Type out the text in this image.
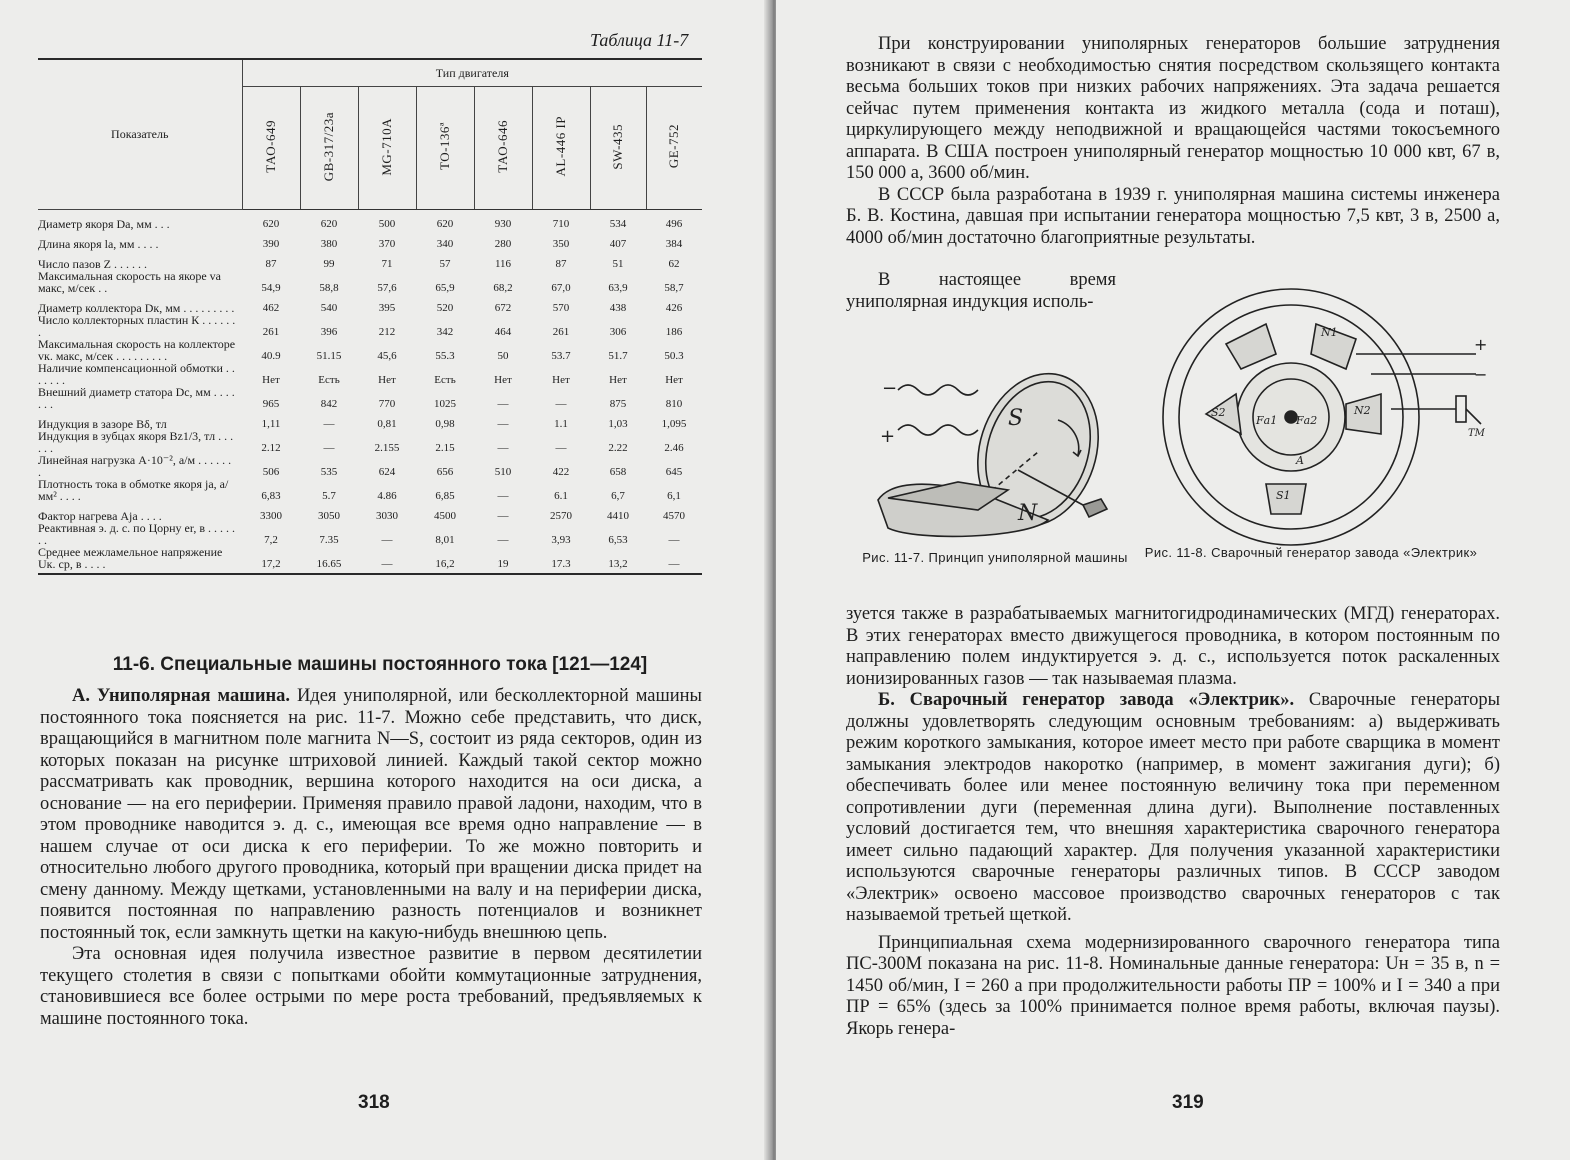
Таблица 11-7
Показатель	Тип двигателя							
	ТАО-649	GB-317/23a	MG-710A	TO-136ª	ТАО-646	AL-446 IP	SW-435	GE-752
Диаметр якоря Dа, мм . . .	620	620	500	620	930	710	534	496
Длина якоря lа, мм . . . .	390	380	370	340	280	350	407	384
Число пазов Z . . . . . .	87	99	71	57	116	87	51	62
Максимальная скорость на якоре vа макс, м/сек . .	54,9	58,8	57,6	65,9	68,2	67,0	63,9	58,7
Диаметр коллектора Dк, мм . . . . . . . . .	462	540	395	520	672	570	438	426
Число коллекторных пластин К . . . . . . .	261	396	212	342	464	261	306	186
Максимальная скорость на коллекторе vк. макс, м/сек . . . . . . . . .	40.9	51.15	45,6	55.3	50	53.7	51.7	50.3
Наличие компенсационной обмотки . . . . . . .	Нет	Есть	Нет	Есть	Нет	Нет	Нет	Нет
Внешний диаметр статора Dс, мм . . . . . . .	965	842	770	1025	—	—	875	810
Индукция в зазоре Bδ, тл	1,11	—	0,81	0,98	—	1.1	1,03	1,095
Индукция в зубцах якоря Bz1/3, тл . . . . . .	2.12	—	2.155	2.15	—	—	2.22	2.46
Линейная нагрузка A·10⁻², а/м . . . . . . .	506	535	624	656	510	422	658	645
Плотность тока в обмотке якоря jа, а/мм² . . . .	6,83	5.7	4.86	6,85	—	6.1	6,7	6,1
Фактор нагрева Aja . . . .	3300	3050	3030	4500	—	2570	4410	4570
Реактивная э. д. с. по Цорну er, в . . . . . . .	7,2	7.35	—	8,01	—	3,93	6,53	—
Среднее межламельное напряжение Uк. ср, в . . . .	17,2	16.65	—	16,2	19	17.3	13,2	—
11-6. Специальные машины постоянного тока [121—124]

А. Униполярная машина. Идея униполярной, или бесколлекторной машины постоянного тока поясняется на рис. 11-7. Можно себе представить, что диск, вращающийся в магнитном поле магнита N—S, состоит из ряда секторов, один из которых показан на рисунке штриховой линией. Каждый такой сектор можно рассматривать как проводник, вершина которого находится на оси диска, а основание — на его периферии. Применяя правило правой ладони, находим, что в этом проводнике наводится э. д. с., имеющая все время одно направление — в нашем случае от оси диска к его периферии. То же можно повторить и относительно любого другого проводника, который при вращении диска придет на смену данному. Между щетками, установленными на валу и на периферии диска, появится постоянная по направлению разность потенциалов и возникнет постоянный ток, если замкнуть щетки на какую-нибудь внешнюю цепь.

Эта основная идея получила известное развитие в первом десятилетии текущего столетия в связи с попытками обойти коммутационные затруднения, становившиеся все более острыми по мере роста требований, предъявляемых к машине постоянного тока.

318

При конструировании униполярных генераторов большие затруднения возникают в связи с необходимостью снятия посредством скользящего контакта весьма больших токов при низких рабочих напряжениях. Эта задача решается сейчас путем применения контакта из жидкого металла (сода и поташ), циркулирующего между неподвижной и вращающейся частями токосъемного аппарата. В США построен униполярный генератор мощностью 10 000 квт, 67 в, 150 000 а, 3600 об/мин.

В СССР была разработана в 1939 г. униполярная машина системы инженера Б. В. Костина, давшая при испытании генератора мощностью 7,5 квт, 3 в, 2500 а, 4000 об/мин достаточно благоприятные результаты.

В настоящее время униполярная индукция исполь-

S
N
−
+
+
−
Fа1 Fа2
N1
N2
S1
S2
A
TM
Рис. 11-7. Принцип униполярной машины	Рис. 11-8. Сварочный генератор завода «Электрик»

зуется также в разрабатываемых магнитогидродинамических (МГД) генераторах. В этих генераторах вместо движущегося проводника, в котором постоянным по направлению полем индуктируется э. д. с., используется поток раскаленных ионизированных газов — так называемая плазма.

Б. Сварочный генератор завода «Электрик». Сварочные генераторы должны удовлетворять следующим основным требованиям: а) выдерживать режим короткого замыкания, которое имеет место при работе сварщика в момент замыкания электродов накоротко (например, в момент зажигания дуги); б) обеспечивать более или менее постоянную величину тока при переменном сопротивлении дуги (переменная длина дуги). Выполнение поставленных условий достигается тем, что внешняя характеристика сварочного генератора имеет сильно падающий характер. Для получения указанной характеристики используются сварочные генераторы различных типов. В СССР заводом «Электрик» освоено массовое производство сварочных генераторов с так называемой третьей щеткой.

Принципиальная схема модернизированного сварочного генератора типа ПС-300М показана на рис. 11-8. Номинальные данные генератора: Uн = 35 в, n = 1450 об/мин, I = 260 а при продолжительности работы ПР = 100% и I = 340 а при ПР = 65% (здесь за 100% принимается полное время работы, включая паузы). Якорь генера-

319
